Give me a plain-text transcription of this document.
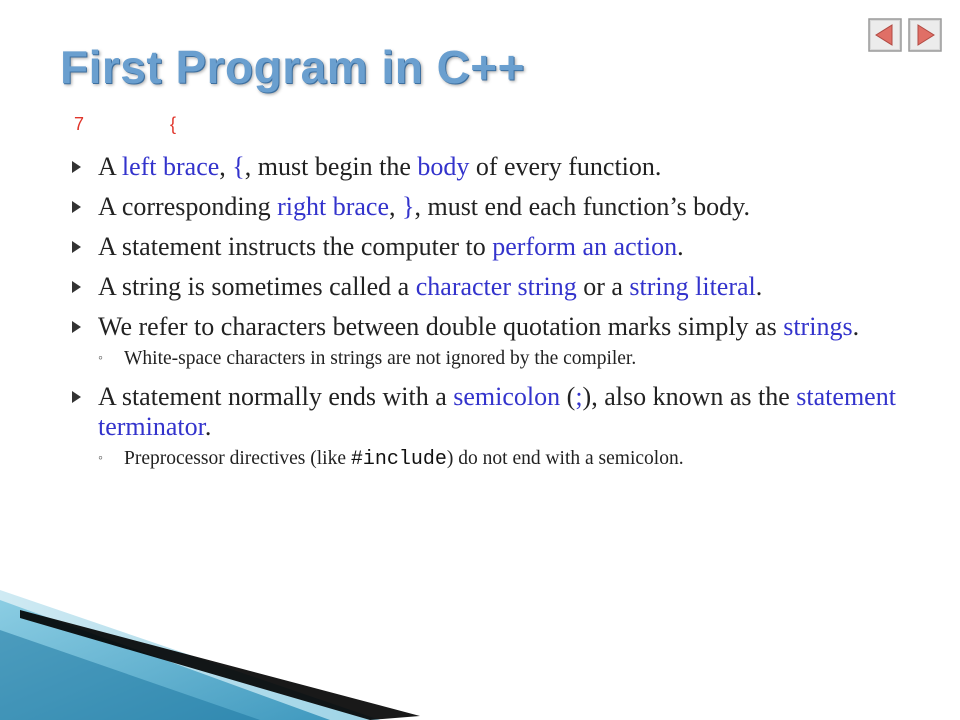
First Program in C++
7	{
A left brace, {, must begin the body of every function.
A corresponding right brace, }, must end each function’s body.
A statement instructs the computer to perform an action.
A string is sometimes called a character string or a string literal.
We refer to characters between double quotation marks simply as strings.
◦ White-space characters in strings are not ignored by the compiler.
A statement normally ends with a semicolon (;), also known as the statement terminator.
◦ Preprocessor directives (like #include) do not end with a semicolon.
